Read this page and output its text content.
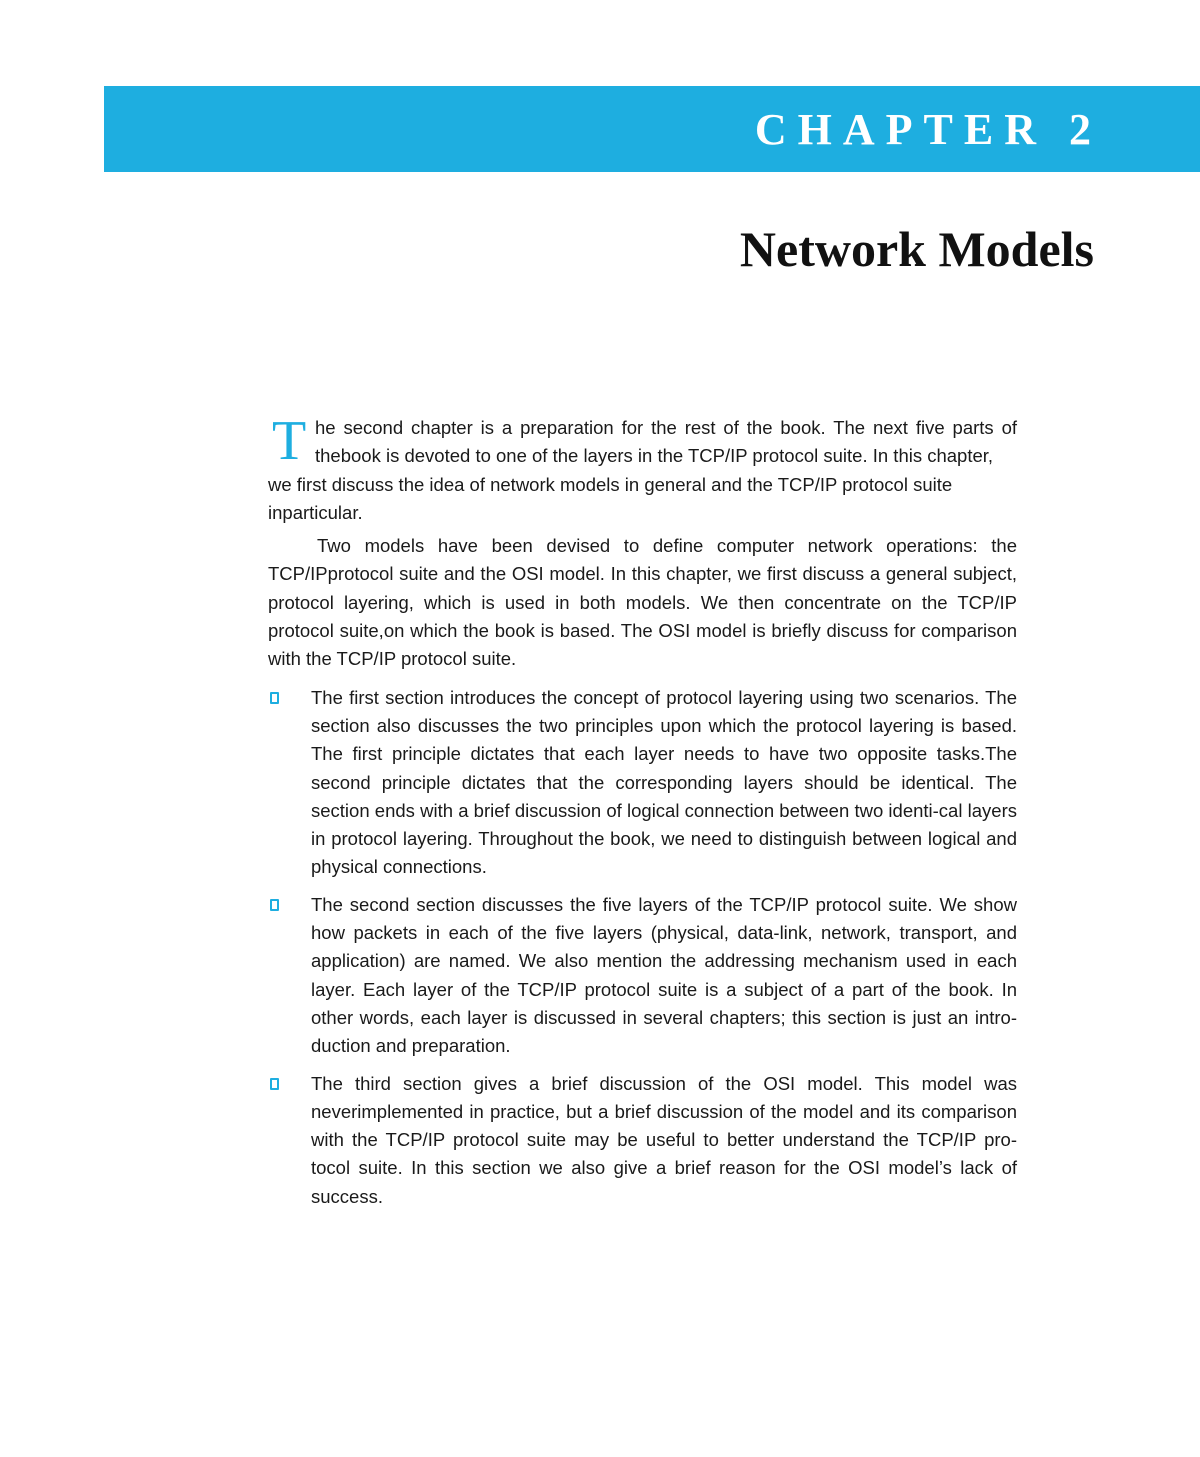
CHAPTER 2
Network Models

T he second chapter is a preparation for the rest of the book. The next five parts of thebook is devoted to one of the layers in the TCP/IP protocol suite. In this chapter,

we first discuss the idea of network models in general and the TCP/IP protocol suite inparticular.

Two models have been devised to define computer network operations: the TCP/IPprotocol suite and the OSI model. In this chapter, we first discuss a general subject, protocol layering, which is used in both models. We then concentrate on the TCP/IP protocol suite,on which the book is based. The OSI model is briefly discuss for comparison with the TCP/IP protocol suite.

The first section introduces the concept of protocol layering using two scenarios. The section also discusses the two principles upon which the protocol layering is based. The first principle dictates that each layer needs to have two opposite tasks.The second principle dictates that the corresponding layers should be identical. The section ends with a brief discussion of logical connection between two identi-cal layers in protocol layering. Throughout the book, we need to distinguish between logical and physical connections.
The second section discusses the five layers of the TCP/IP protocol suite. We show how packets in each of the five layers (physical, data-link, network, transport, and application) are named. We also mention the addressing mechanism used in each layer. Each layer of the TCP/IP protocol suite is a subject of a part of the book. In other words, each layer is discussed in several chapters; this section is just an intro-duction and preparation.
The third section gives a brief discussion of the OSI model. This model was neverimplemented in practice, but a brief discussion of the model and its comparison with the TCP/IP protocol suite may be useful to better understand the TCP/IP pro-tocol suite. In this section we also give a brief reason for the OSI model’s lack of success.
